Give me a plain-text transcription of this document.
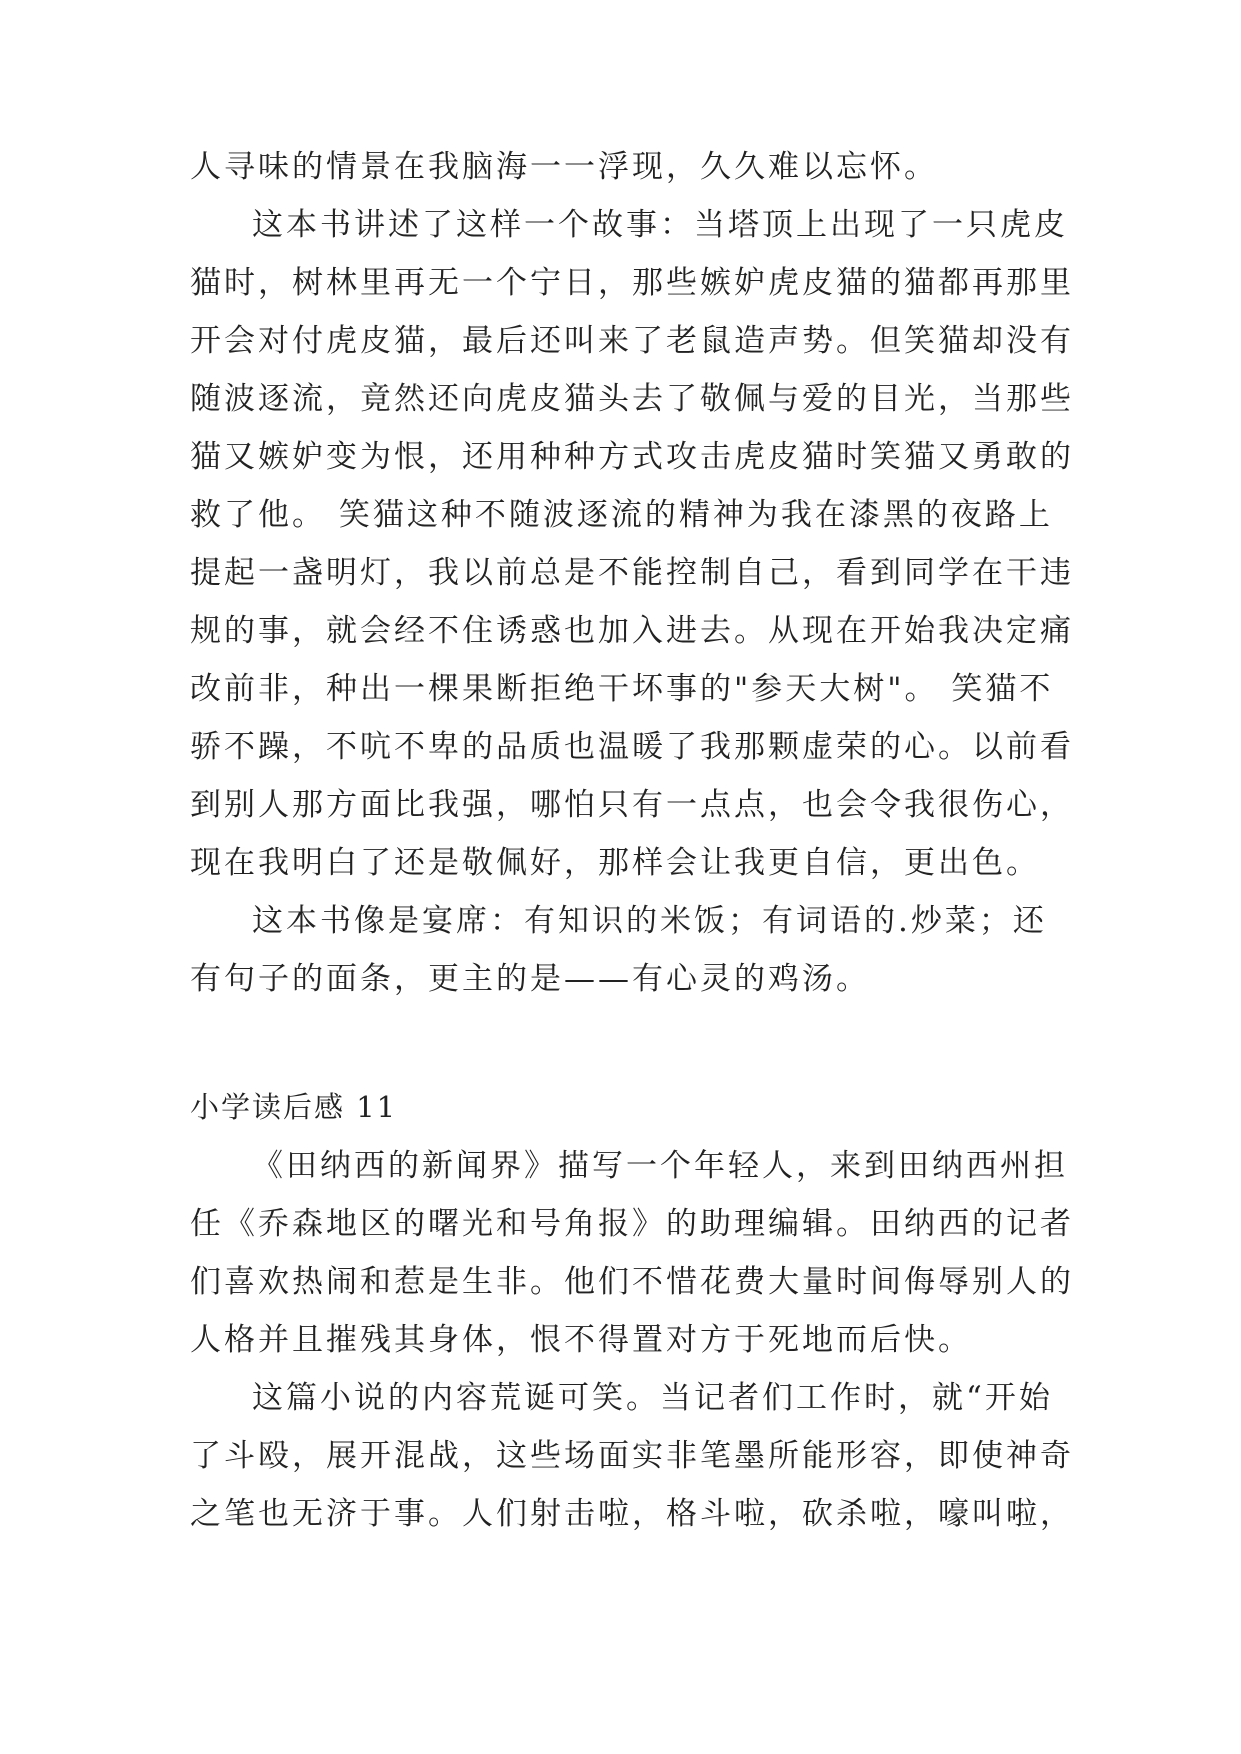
人寻味的情景在我脑海一一浮现，久久难以忘怀。
这本书讲述了这样一个故事：当塔顶上出现了一只虎皮
猫时，树林里再无一个宁日，那些嫉妒虎皮猫的猫都再那里
开会对付虎皮猫，最后还叫来了老鼠造声势。但笑猫却没有
随波逐流，竟然还向虎皮猫头去了敬佩与爱的目光，当那些
猫又嫉妒变为恨，还用种种方式攻击虎皮猫时笑猫又勇敢的
救了他。 笑猫这种不随波逐流的精神为我在漆黑的夜路上
提起一盏明灯，我以前总是不能控制自己，看到同学在干违
规的事，就会经不住诱惑也加入进去。从现在开始我决定痛
改前非，种出一棵果断拒绝干坏事的"参天大树"。 笑猫不
骄不躁，不吭不卑的品质也温暖了我那颗虚荣的心。以前看
到别人那方面比我强，哪怕只有一点点，也会令我很伤心，
现在我明白了还是敬佩好，那样会让我更自信，更出色。
这本书像是宴席：有知识的米饭；有词语的.炒菜；还
有句子的面条，更主的是——有心灵的鸡汤。
小学读后感 11
《田纳西的新闻界》描写一个年轻人，来到田纳西州担
任《乔森地区的曙光和号角报》的助理编辑。田纳西的记者
们喜欢热闹和惹是生非。他们不惜花费大量时间侮辱别人的
人格并且摧残其身体，恨不得置对方于死地而后快。
这篇小说的内容荒诞可笑。当记者们工作时，就“开始
了斗殴，展开混战，这些场面实非笔墨所能形容，即使神奇
之笔也无济于事。人们射击啦，格斗啦，砍杀啦，嚎叫啦，
